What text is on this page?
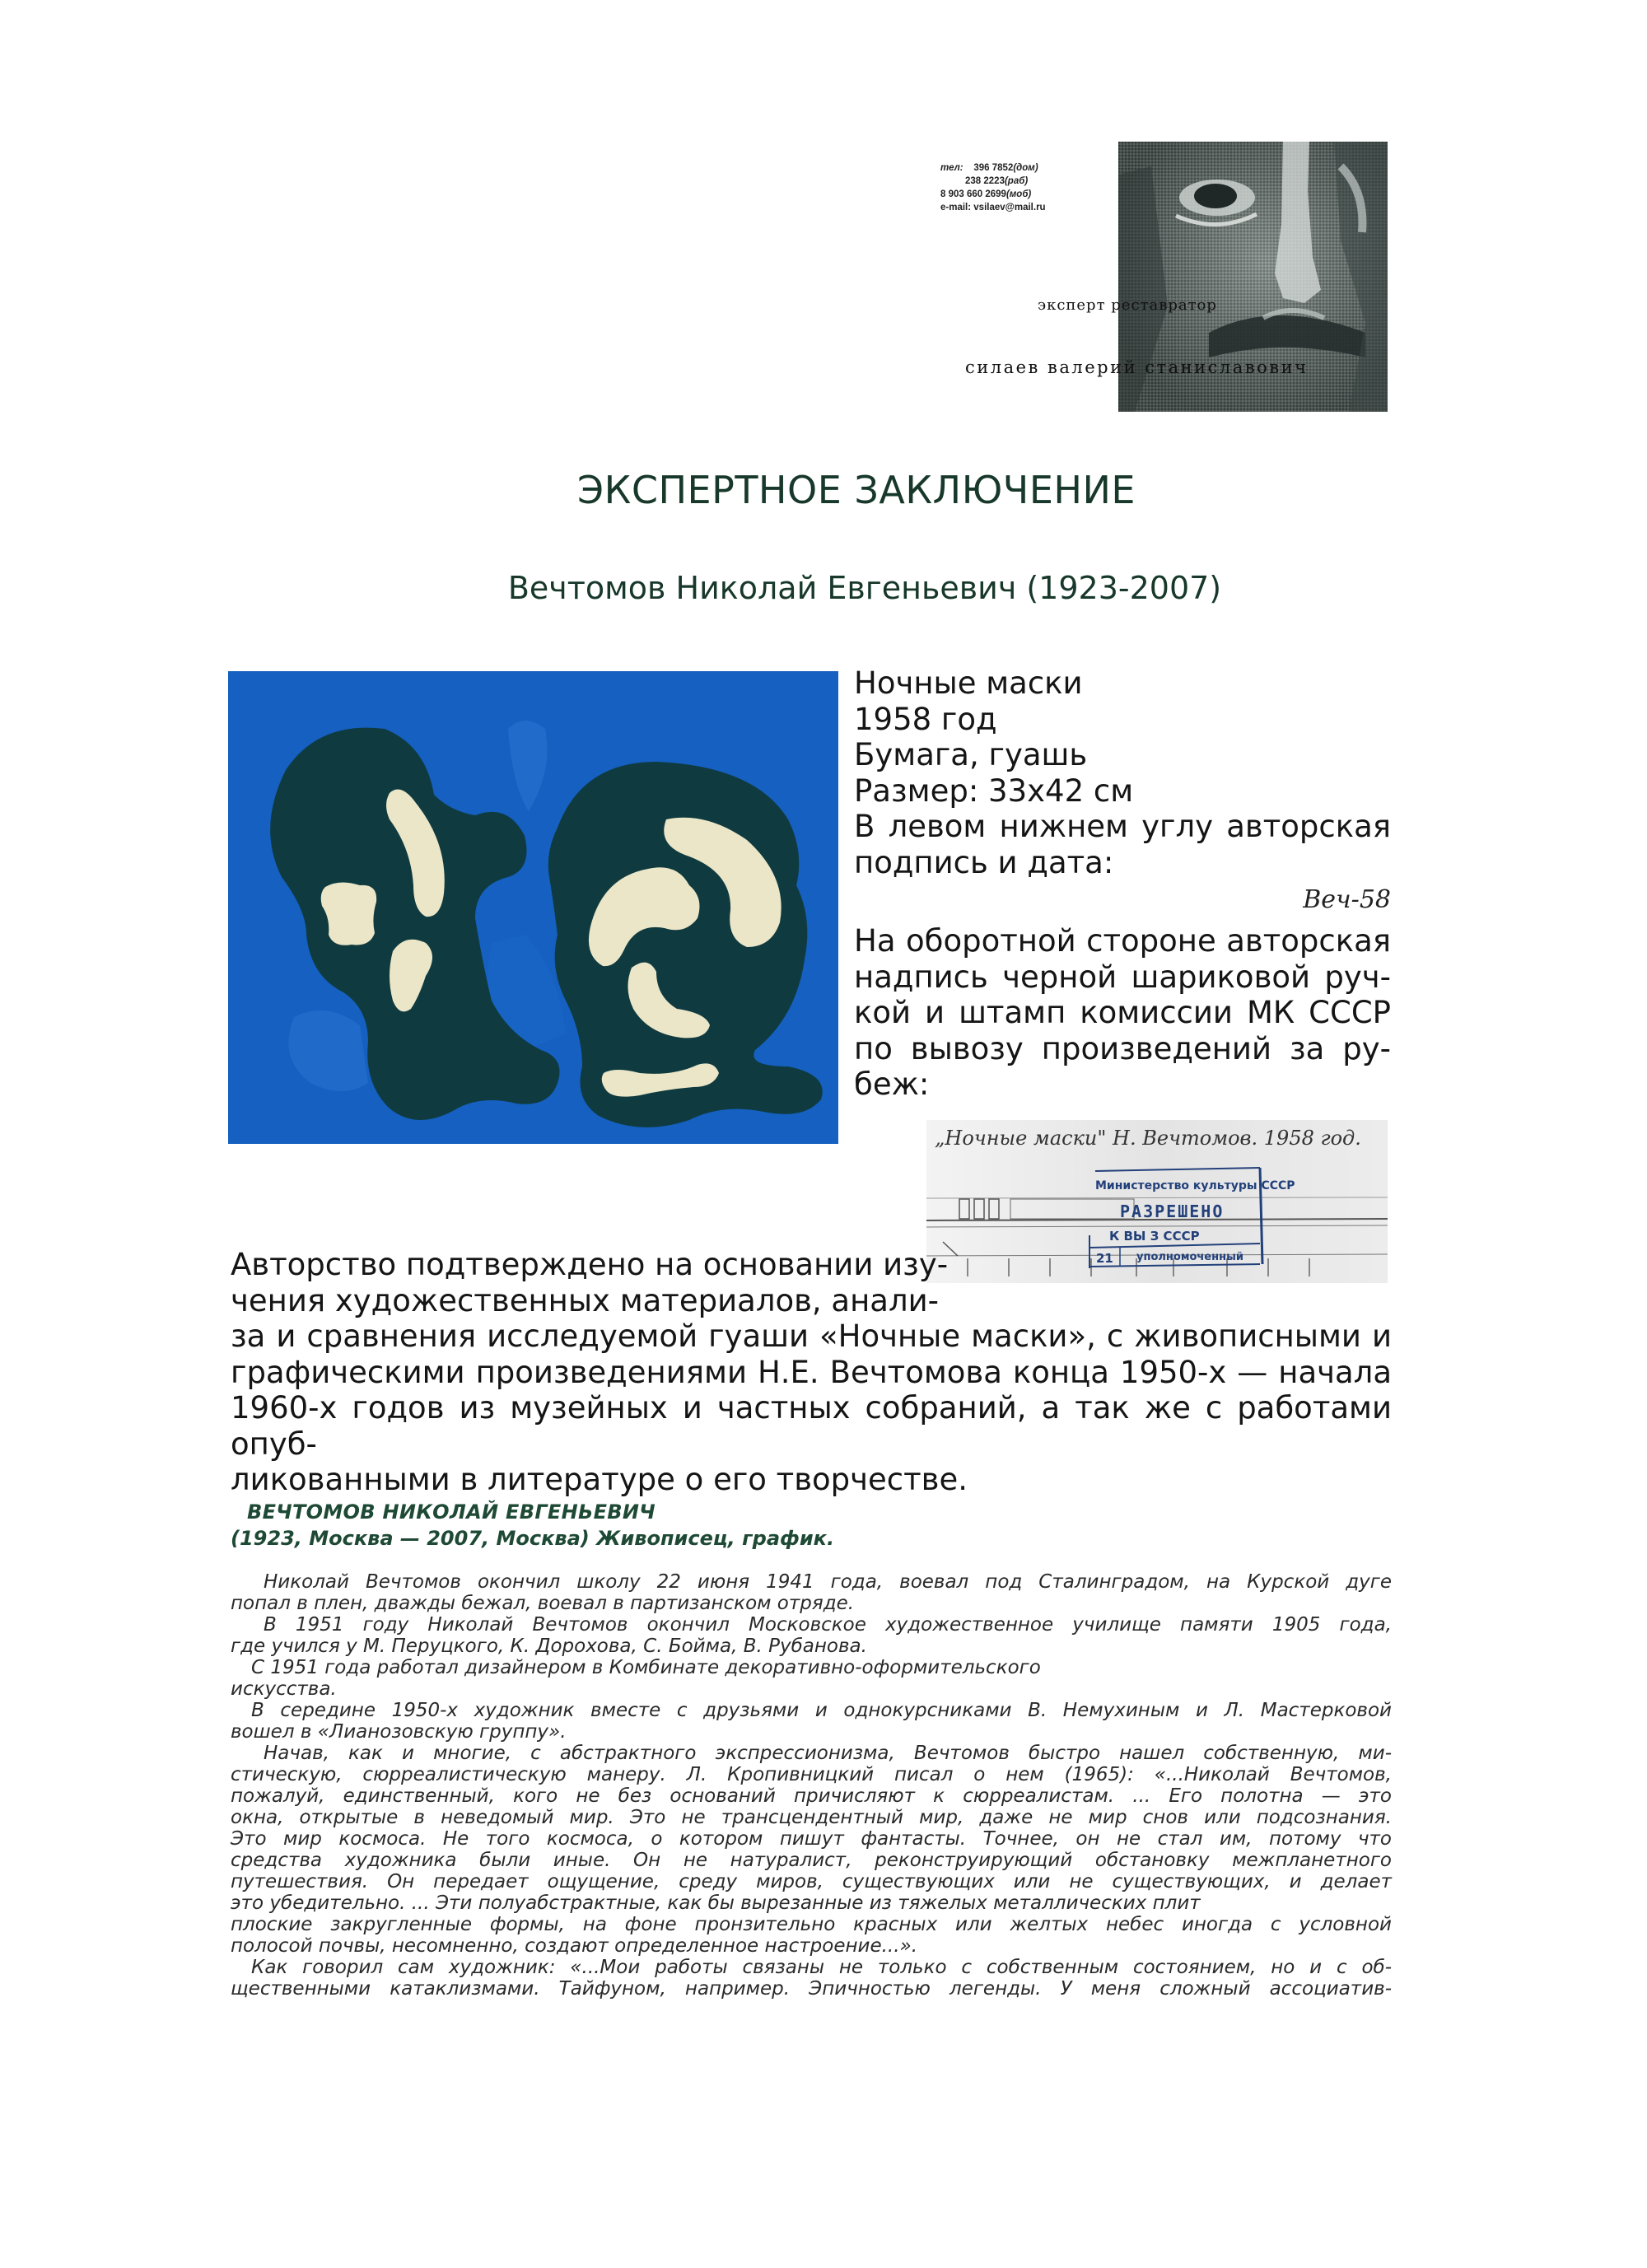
тел: 396 7852(дом)
238 2223(раб)
8 903 660 2699(моб)
e-mail: vsilaev@mail.ru
эксперт реставратор
силаев валерий станиславович
ЭКСПЕРТНОЕ ЗАКЛЮЧЕНИЕ
Вечтомов Николай Евгеньевич (1923-2007)
Ночные маски
1958 год
Бумага, гуашь
Размер: 33х42 см
В левом нижнем углу авторская
подпись и дата:
Веч-58
На оборотной стороне авторская
надпись черной шариковой руч-
кой и штамп комиссии МК СССР
по вывозу произведений за ру-
беж:
„Ночные маски" Н. Вечтомов. 1958 год.
Министерство культуры СССР
РАЗРЕШЕНО
К ВЫ З СССР
21 уполномоченный
Авторство подтверждено на основании изу-
чения художественных материалов, анали-
за и сравнения исследуемой гуаши «Ночные маски», с живописными и
графическими произведениями Н.Е. Вечтомова конца 1950-х — начала
1960-х годов из музейных и частных собраний, а так же с работами опуб-
ликованными в литературе о его творчестве.
ВЕЧТОМОВ НИКОЛАЙ ЕВГЕНЬЕВИЧ
(1923, Москва — 2007, Москва) Живописец, график.
Николай Вечтомов окончил школу 22 июня 1941 года, воевал под Сталинградом, на Курской дуге
попал в плен, дважды бежал, воевал в партизанском отряде.
В 1951 году Николай Вечтомов окончил Московское художественное училище памяти 1905 года,
где учился у М. Перуцкого, К. Дорохова, С. Бойма, В. Рубанова.
С 1951 года работал дизайнером в Комбинате декоративно-оформительского
искусства.
В середине 1950-х художник вместе с друзьями и однокурсниками В. Немухиным и Л. Мастерковой
вошел в «Лианозовскую группу».
Начав, как и многие, с абстрактного экспрессионизма, Вечтомов быстро нашел собственную, ми-
стическую, сюрреалистическую манеру. Л. Кропивницкий писал о нем (1965): «...Николай Вечтомов,
пожалуй, единственный, кого не без оснований причисляют к сюрреалистам. ... Его полотна — это
окна, открытые в неведомый мир. Это не трансцендентный мир, даже не мир снов или подсознания.
Это мир космоса. Не того космоса, о котором пишут фантасты. Точнее, он не стал им, потому что
средства художника были иные. Он не натуралист, реконструирующий обстановку межпланетного
путешествия. Он передает ощущение, среду миров, существующих или не существующих, и делает
это убедительно. ... Эти полуабстрактные, как бы вырезанные из тяжелых металлических плит
плоские закругленные формы, на фоне пронзительно красных или желтых небес иногда с условной
полосой почвы, несомненно, создают определенное настроение...».
Как говорил сам художник: «...Мои работы связаны не только с собственным состоянием, но и с об-
щественными катаклизмами. Тайфуном, например. Эпичностью легенды. У меня сложный ассоциатив-
